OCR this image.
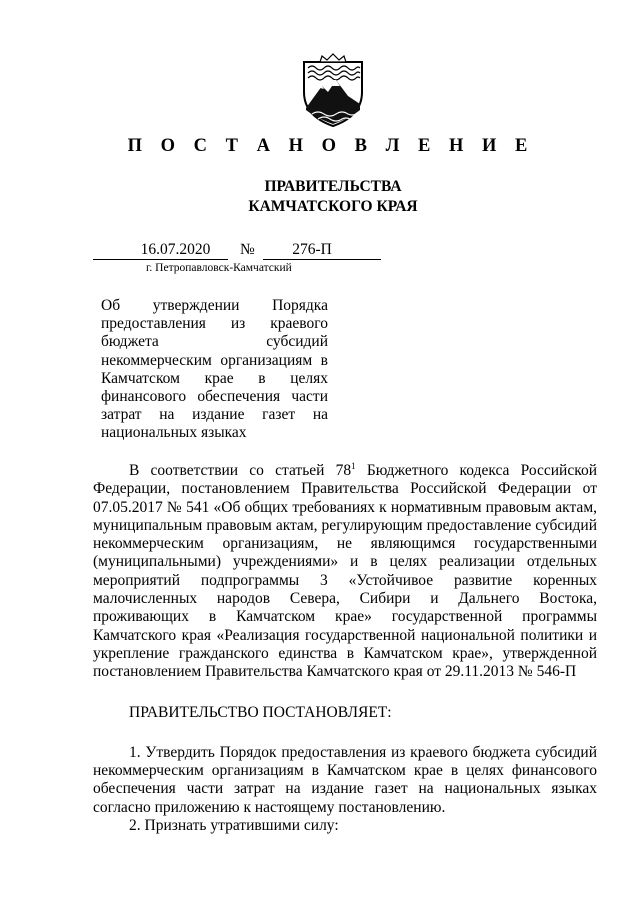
П О С Т А Н О В Л Е Н И Е
ПРАВИТЕЛЬСТВА
КАМЧАТСКОГО КРАЯ
16.07.2020	№	276-П
г. Петропавловск-Камчатский
Об утверждении Порядка предоставления из краевого бюджета субсидий некоммерческим организациям в Камчатском крае в целях финансового обеспечения части затрат на издание газет на национальных языках

В соответствии со статьей $78^1$ Бюджетного кодекса Российской Федерации, постановлением Правительства Российской Федерации от 07.05.2017 № 541 «Об общих требованиях к нормативным правовым актам, муниципальным правовым актам, регулирующим предоставление субсидий некоммерческим организациям, не являющимся государственными (муниципальными) учреждениями» и в целях реализации отдельных мероприятий подпрограммы 3 «Устойчивое развитие коренных малочисленных народов Севера, Сибири и Дальнего Востока, проживающих в Камчатском крае» государственной программы Камчатского края «Реализация государственной национальной политики и укрепление гражданского единства в Камчатском крае», утвержденной постановлением Правительства Камчатского края от 29.11.2013 № 546-П

ПРАВИТЕЛЬСТВО ПОСТАНОВЛЯЕТ:

1. Утвердить Порядок предоставления из краевого бюджета субсидий некоммерческим организациям в Камчатском крае в целях финансового обеспечения части затрат на издание газет на национальных языках согласно приложению к настоящему постановлению.

2. Признать утратившими силу:
